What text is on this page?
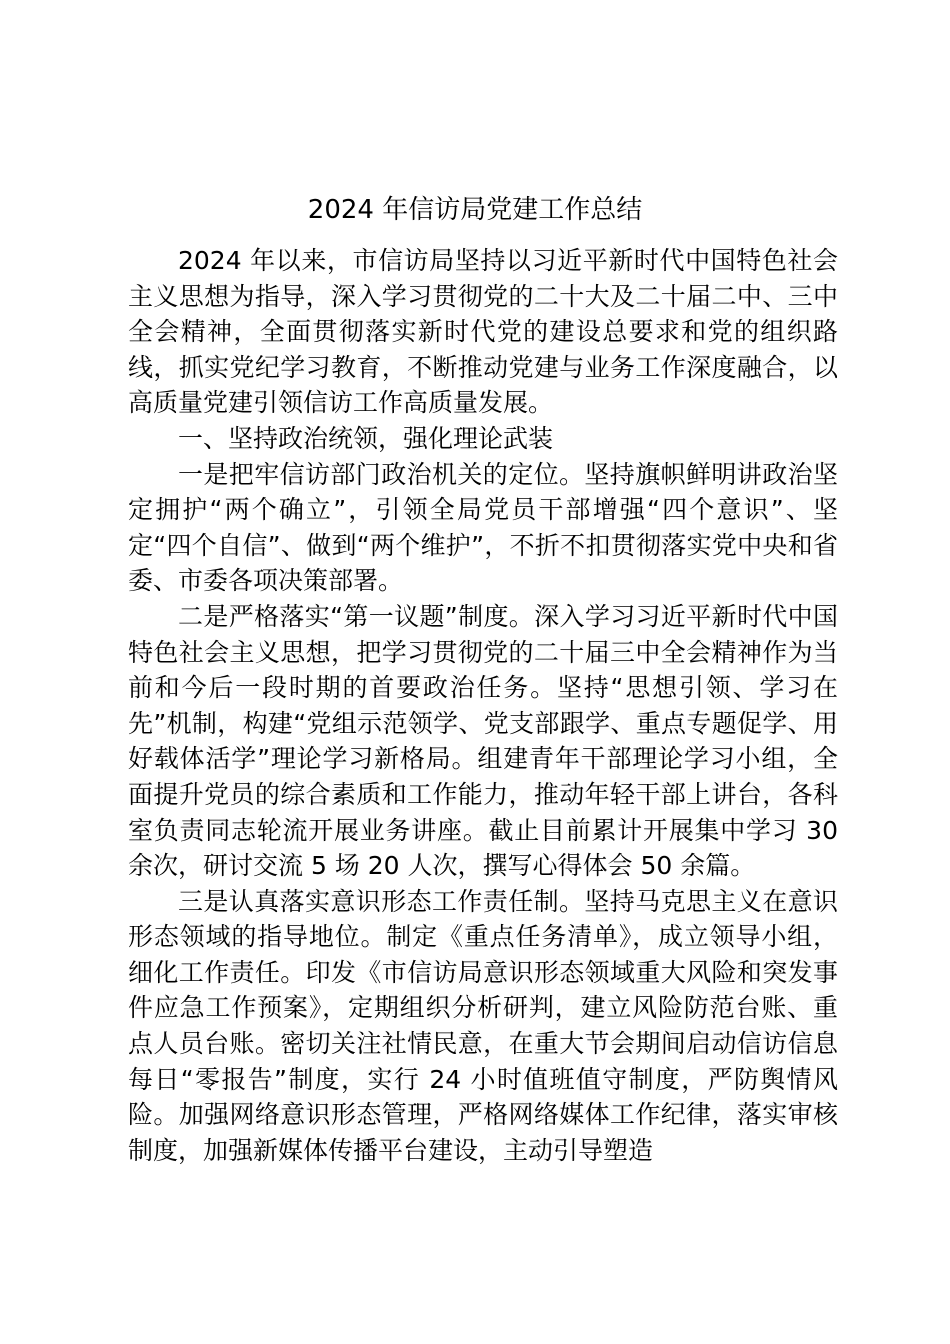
2024 年信访局党建工作总结

2024 年以来，市信访局坚持以习近平新时代中国特色社会主义思想为指导，深入学习贯彻党的二十大及二十届二中、三中全会精神，全面贯彻落实新时代党的建设总要求和党的组织路线，抓实党纪学习教育，不断推动党建与业务工作深度融合，以高质量党建引领信访工作高质量发展。

一、坚持政治统领，强化理论武装

一是把牢信访部门政治机关的定位。坚持旗帜鲜明讲政治坚定拥护“两个确立”，引领全局党员干部增强“四个意识”、坚定“四个自信”、做到“两个维护”，不折不扣贯彻落实党中央和省委、市委各项决策部署。

二是严格落实“第一议题”制度。深入学习习近平新时代中国特色社会主义思想，把学习贯彻党的二十届三中全会精神作为当前和今后一段时期的首要政治任务。坚持“思想引领、学习在先”机制，构建“党组示范领学、党支部跟学、重点专题促学、用好载体活学”理论学习新格局。组建青年干部理论学习小组，全面提升党员的综合素质和工作能力，推动年轻干部上讲台，各科室负责同志轮流开展业务讲座。截止目前累计开展集中学习 30 余次，研讨交流 5 场 20 人次，撰写心得体会 50 余篇。

三是认真落实意识形态工作责任制。坚持马克思主义在意识形态领域的指导地位。制定《重点任务清单》，成立领导小组，细化工作责任。印发《市信访局意识形态领域重大风险和突发事件应急工作预案》，定期组织分析研判，建立风险防范台账、重点人员台账。密切关注社情民意，在重大节会期间启动信访信息每日“零报告”制度，实行 24 小时值班值守制度，严防舆情风险。加强网络意识形态管理，严格网络媒体工作纪律，落实审核制度，加强新媒体传播平台建设，主动引导塑造
